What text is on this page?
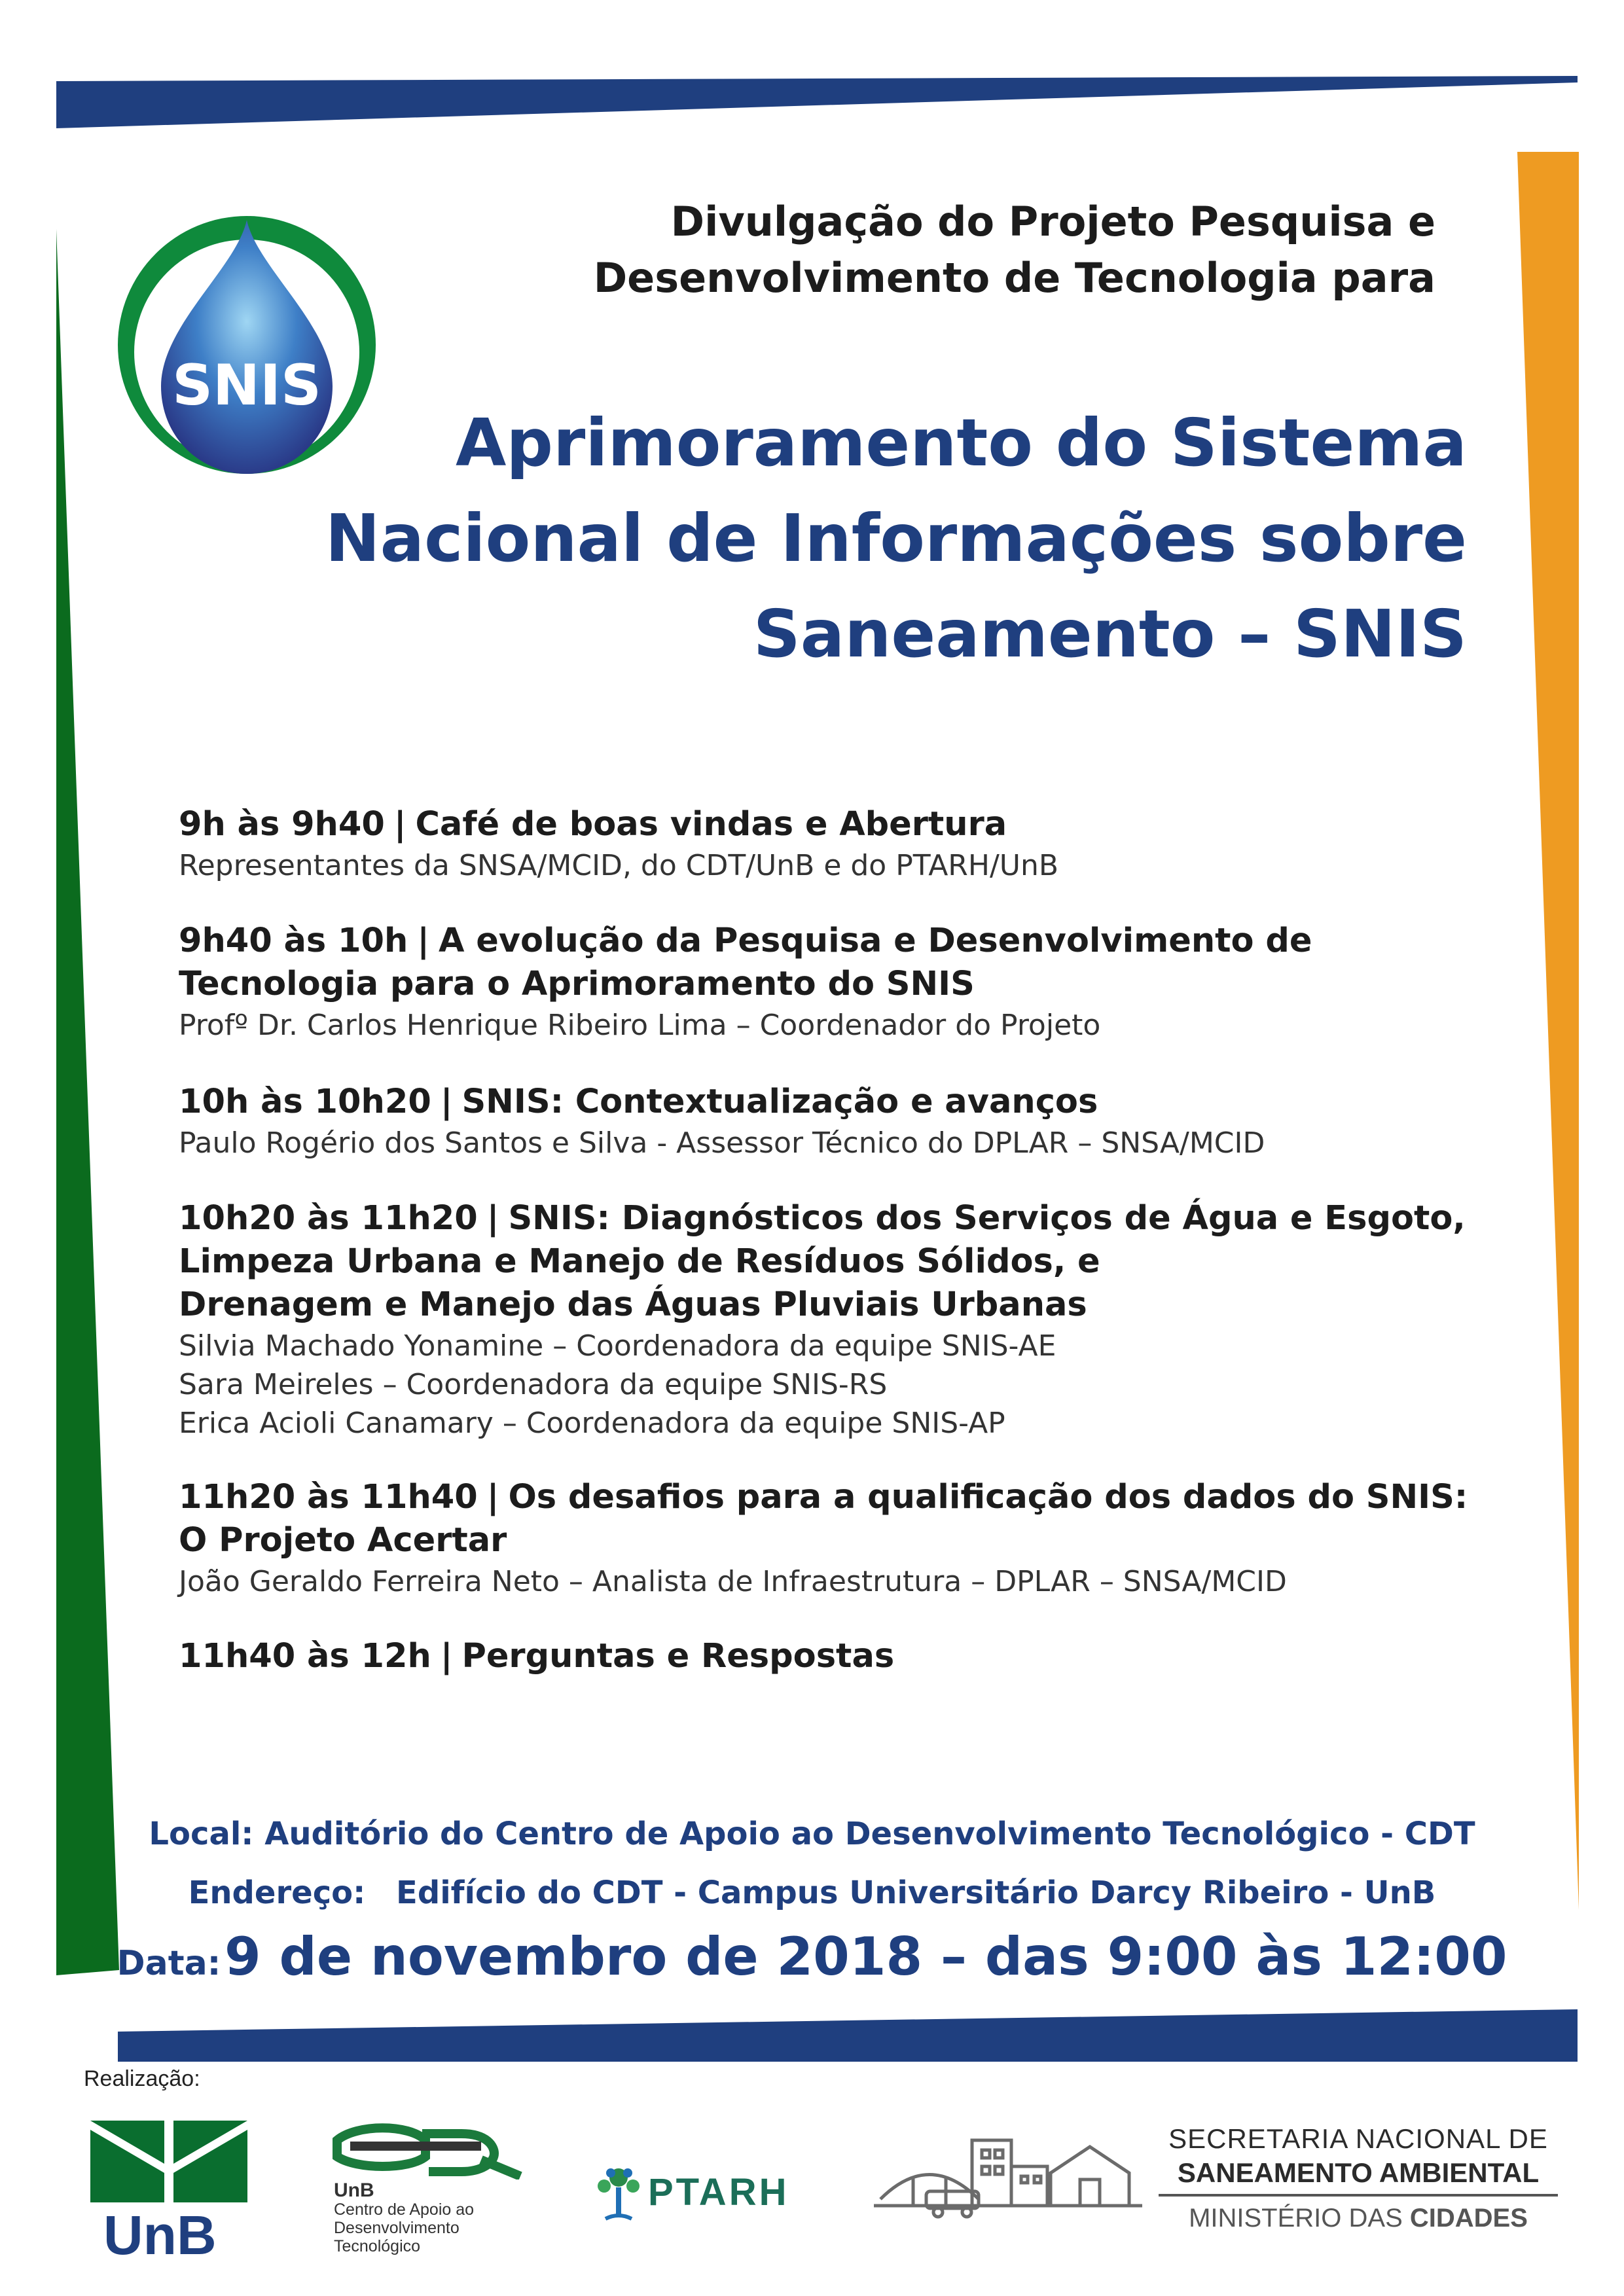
SNIS
Divulgação do Projeto Pesquisa e
Desenvolvimento de Tecnologia para
Aprimoramento do Sistema
Nacional de Informações sobre
Saneamento – SNIS
9h às 9h40 | Café de boas vindas e Abertura
Representantes da SNSA/MCID, do CDT/UnB e do PTARH/UnB
9h40 às 10h | A evolução da Pesquisa e Desenvolvimento de
Tecnologia para o Aprimoramento do SNIS
Profº Dr. Carlos Henrique Ribeiro Lima – Coordenador do Projeto
10h às 10h20 | SNIS: Contextualização e avanços
Paulo Rogério dos Santos e Silva - Assessor Técnico do DPLAR – SNSA/MCID
10h20 às 11h20 | SNIS: Diagnósticos dos Serviços de Água e Esgoto,
Limpeza Urbana e Manejo de Resíduos Sólidos, e
Drenagem e Manejo das Águas Pluviais Urbanas
Silvia Machado Yonamine – Coordenadora da equipe SNIS-AE
Sara Meireles – Coordenadora da equipe SNIS-RS
Erica Acioli Canamary – Coordenadora da equipe SNIS-AP
11h20 às 11h40 | Os desafios para a qualificação dos dados do SNIS:
O Projeto Acertar
João Geraldo Ferreira Neto – Analista de Infraestrutura – DPLAR – SNSA/MCID
11h40 às 12h | Perguntas e Respostas
Local: Auditório do Centro de Apoio ao Desenvolvimento Tecnológico - CDT
Endereço: Edifício do CDT - Campus Universitário Darcy Ribeiro - UnB
Data: 9 de novembro de 2018 – das 9:00 às 12:00
Realização:
UnB
UnB
Centro de Apoio ao
Desenvolvimento
Tecnológico
PTARH
SECRETARIA NACIONAL DE
SANEAMENTO AMBIENTAL
MINISTÉRIO DAS CIDADES
